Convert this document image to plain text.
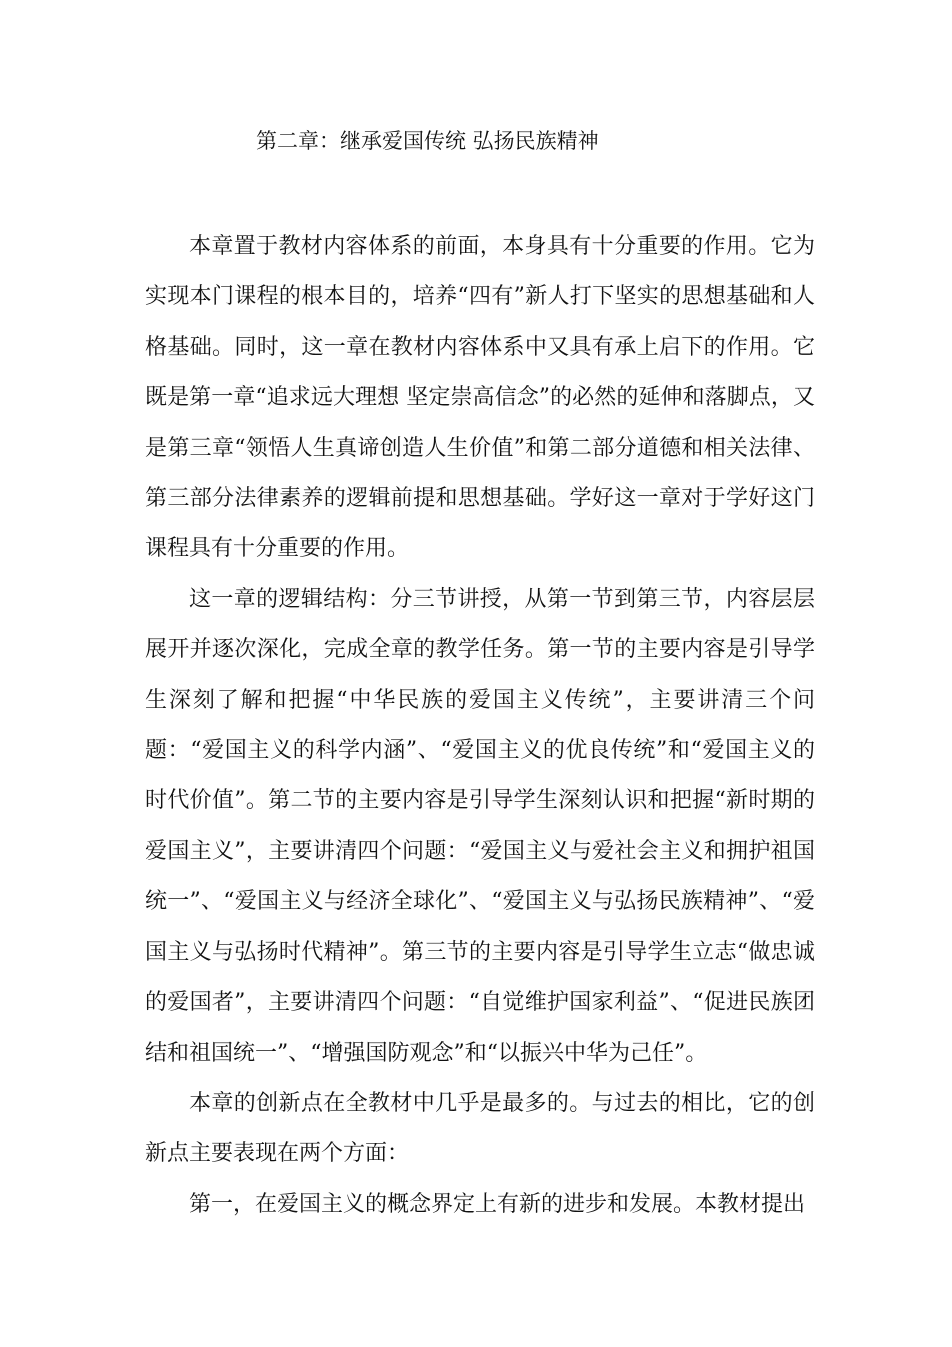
第二章：继承爱国传统 弘扬民族精神

本章置于教材内容体系的前面，本身具有十分重要的作用。它为实现本门课程的根本目的，培养“四有”新人打下坚实的思想基础和人格基础。同时，这一章在教材内容体系中又具有承上启下的作用。它既是第一章“追求远大理想 坚定崇高信念”的必然的延伸和落脚点，又是第三章“领悟人生真谛创造人生价值”和第二部分道德和相关法律、第三部分法律素养的逻辑前提和思想基础。学好这一章对于学好这门课程具有十分重要的作用。

这一章的逻辑结构：分三节讲授，从第一节到第三节，内容层层展开并逐次深化，完成全章的教学任务。第一节的主要内容是引导学生深刻了解和把握“中华民族的爱国主义传统”，主要讲清三个问题：“爱国主义的科学内涵”、“爱国主义的优良传统”和“爱国主义的时代价值”。第二节的主要内容是引导学生深刻认识和把握“新时期的爱国主义”，主要讲清四个问题：“爱国主义与爱社会主义和拥护祖国统一”、“爱国主义与经济全球化”、“爱国主义与弘扬民族精神”、“爱国主义与弘扬时代精神”。第三节的主要内容是引导学生立志“做忠诚的爱国者”，主要讲清四个问题：“自觉维护国家利益”、“促进民族团结和祖国统一”、“增强国防观念”和“以振兴中华为己任”。

本章的创新点在全教材中几乎是最多的。与过去的相比，它的创新点主要表现在两个方面：

第一，在爱国主义的概念界定上有新的进步和发展。本教材提出
